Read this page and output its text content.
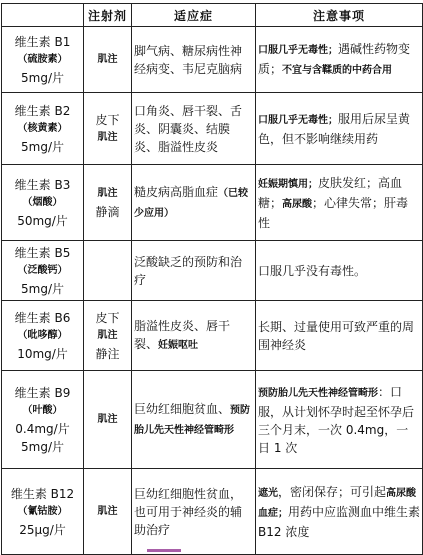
	注射剂	适应症	注意事项

维生素 B1
（硫胺素）
5mg/片	肌注	脚气病、糖尿病性神经病变、韦尼克脑病	口服几乎无毒性；遇碱性药物变质；不宜与含鞣质的中药合用

维生素 B2
（核黄素）
5mg/片	皮下
肌注	口角炎、唇干裂、舌炎、阴囊炎、结膜炎、脂溢性皮炎	口服几乎无毒性；服用后尿呈黄色，但不影响继续用药

维生素 B3
（烟酸）
50mg/片	肌注
静滴	糙皮病高脂血症（已较少应用）	妊娠期慎用；皮肤发红；高血糖；高尿酸；心律失常；肝毒性

维生素 B5
（泛酸钙）
5mg/片		泛酸缺乏的预防和治疗	口服几乎没有毒性。

维生素 B6
（吡哆醇）
10mg/片	皮下
肌注
静注	脂溢性皮炎、唇干裂、妊娠呕吐	长期、过量使用可致严重的周围神经炎

维生素 B9
（叶酸）
0.4mg/片
5mg/片	肌注	巨幼红细胞贫血、预防胎儿先天性神经管畸形	预防胎儿先天性神经管畸形：口服，从计划怀孕时起至怀孕后三个月末，一次 0.4mg，一日 1 次

维生素 B12
（氰钴胺）
25μg/片	肌注	巨幼红细胞性贫血，也可用于神经炎的辅助治疗	遮光，密闭保存；可引起高尿酸血症；用药中应监测血中维生素 B12 浓度
